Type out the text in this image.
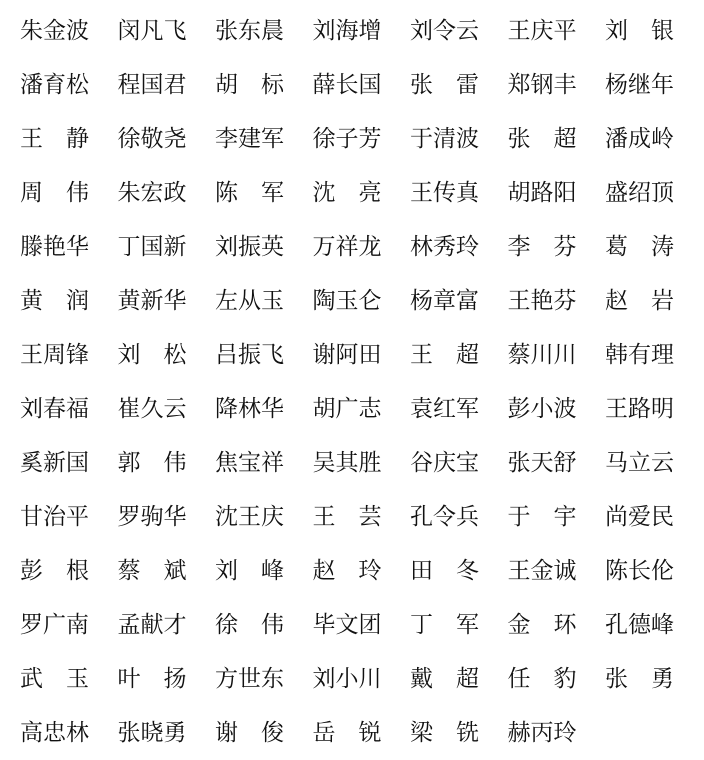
朱金波	闵凡飞	张东晨	刘海增	刘令云	王庆平	刘　银
潘育松	程国君	胡　标	薛长国	张　雷	郑钢丰	杨继年
王　静	徐敬尧	李建军	徐子芳	于清波	张　超	潘成岭
周　伟	朱宏政	陈　军	沈　亮	王传真	胡路阳	盛绍顶
滕艳华	丁国新	刘振英	万祥龙	林秀玲	李　芬	葛　涛
黄　润	黄新华	左从玉	陶玉仑	杨章富	王艳芬	赵　岩
王周锋	刘　松	吕振飞	谢阿田	王　超	蔡川川	韩有理
刘春福	崔久云	降林华	胡广志	袁红军	彭小波	王路明
奚新国	郭　伟	焦宝祥	吴其胜	谷庆宝	张天舒	马立云
甘治平	罗驹华	沈王庆	王　芸	孔令兵	于　宇	尚爱民
彭　根	蔡　斌	刘　峰	赵　玲	田　冬	王金诚	陈长伦
罗广南	孟献才	徐　伟	毕文团	丁　军	金　环	孔德峰
武　玉	叶　扬	方世东	刘小川	戴　超	任　豹	张　勇
高忠林	张晓勇	谢　俊	岳　锐	梁　铣	赫丙玲
